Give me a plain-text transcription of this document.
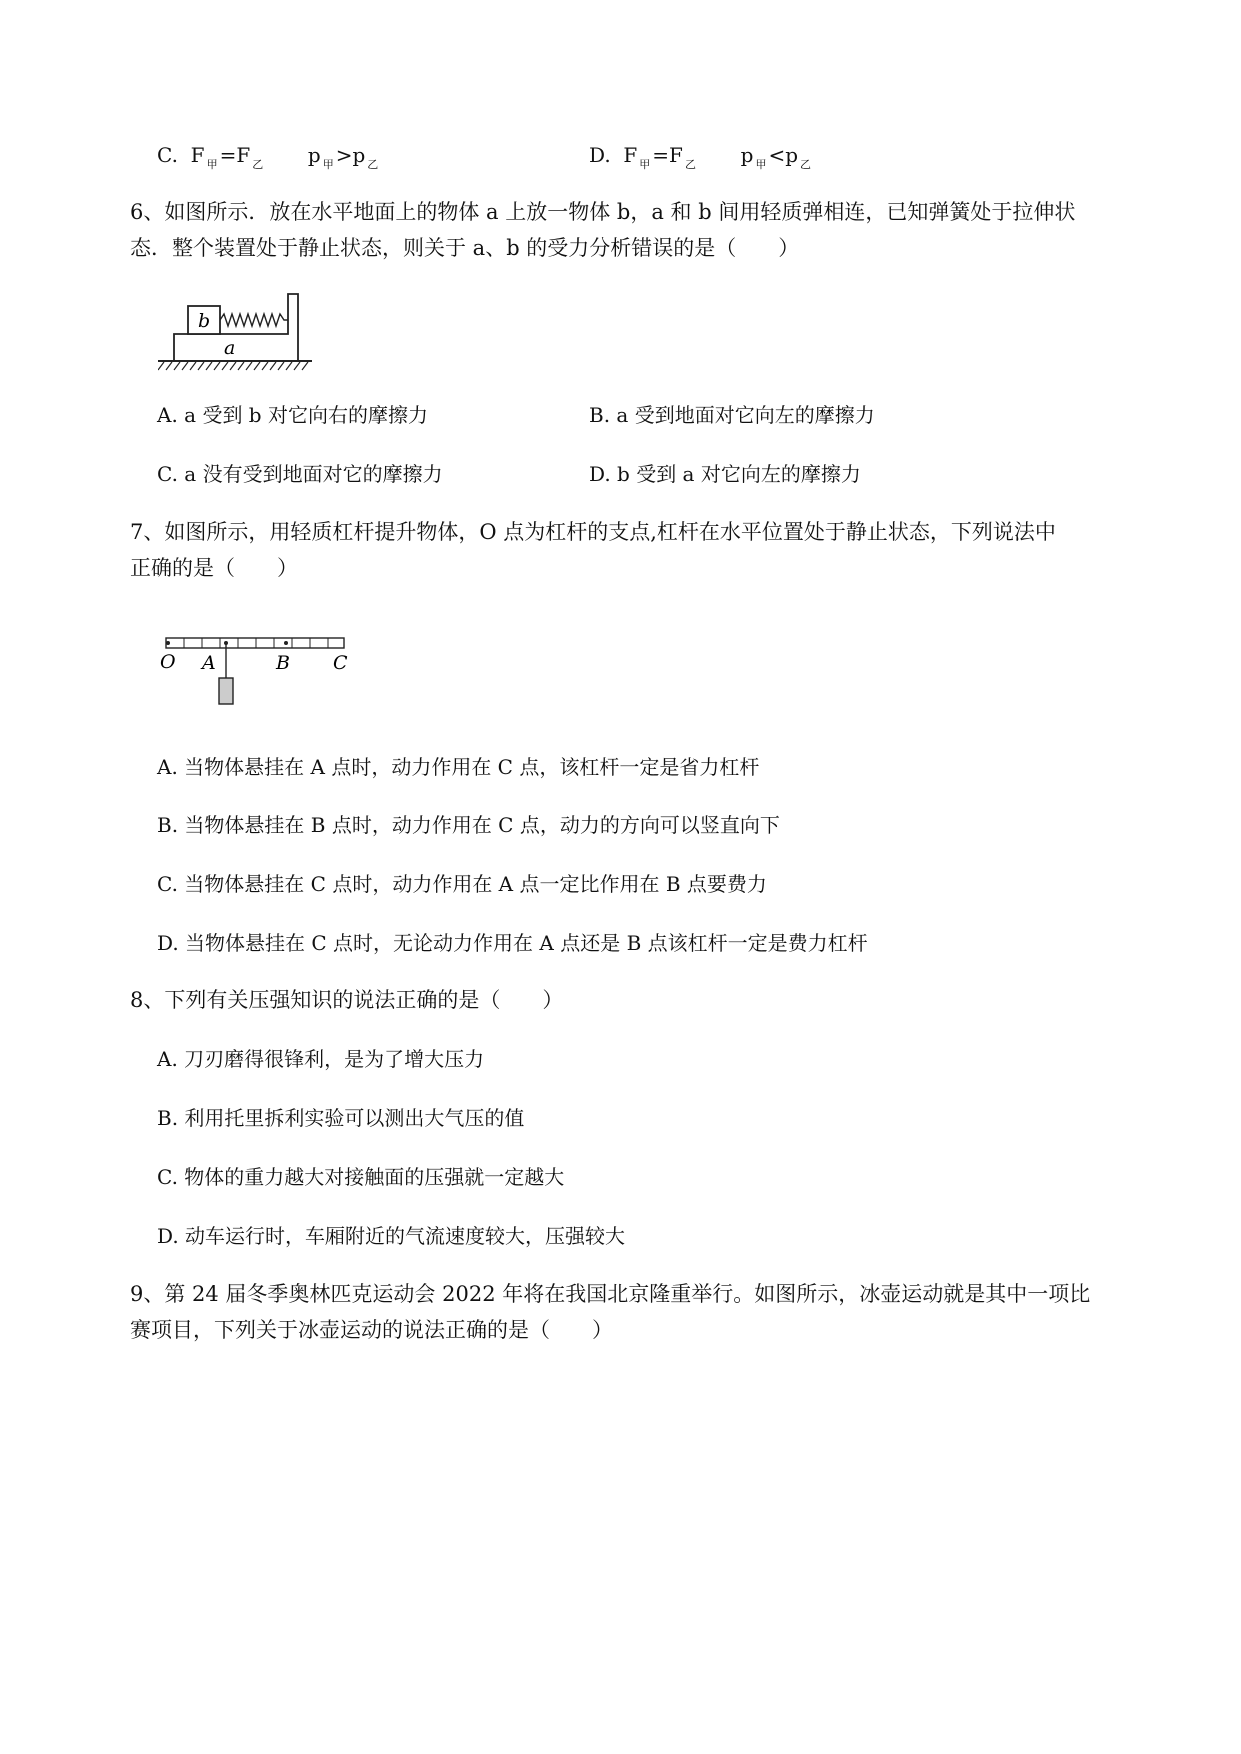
C. F $_甲$ =F $_乙$ p $_甲$ >p $_乙$	D. F $_甲$ =F $_乙$ p $_甲$ <p $_乙$
6、如图所示．放在水平地面上的物体 a 上放一物体 b，a 和 b 间用轻质弹相连，已知弹簧处于拉伸状
态．整个装置处于静止状态，则关于 a、b 的受力分析错误的是（　　）
b
a
A. a 受到 b 对它向右的摩擦力	B. a 受到地面对它向左的摩擦力
C. a 没有受到地面对它的摩擦力	D. b 受到 a 对它向左的摩擦力
7、如图所示，用轻质杠杆提升物体，O 点为杠杆的支点,杠杆在水平位置处于静止状态，下列说法中
正确的是（　　）
O A	B C
A. 当物体悬挂在 A 点时，动力作用在 C 点，该杠杆一定是省力杠杆
B. 当物体悬挂在 B 点时，动力作用在 C 点，动力的方向可以竖直向下
C. 当物体悬挂在 C 点时，动力作用在 A 点一定比作用在 B 点要费力
D. 当物体悬挂在 C 点时，无论动力作用在 A 点还是 B 点该杠杆一定是费力杠杆
8、下列有关压强知识的说法正确的是（　　）
A. 刀刃磨得很锋利，是为了增大压力
B. 利用托里拆利实验可以测出大气压的值
C. 物体的重力越大对接触面的压强就一定越大
D. 动车运行时，车厢附近的气流速度较大，压强较大
9、第 24 届冬季奥林匹克运动会 2022 年将在我国北京隆重举行。如图所示，冰壶运动就是其中一项比
赛项目，下列关于冰壶运动的说法正确的是（　　）
